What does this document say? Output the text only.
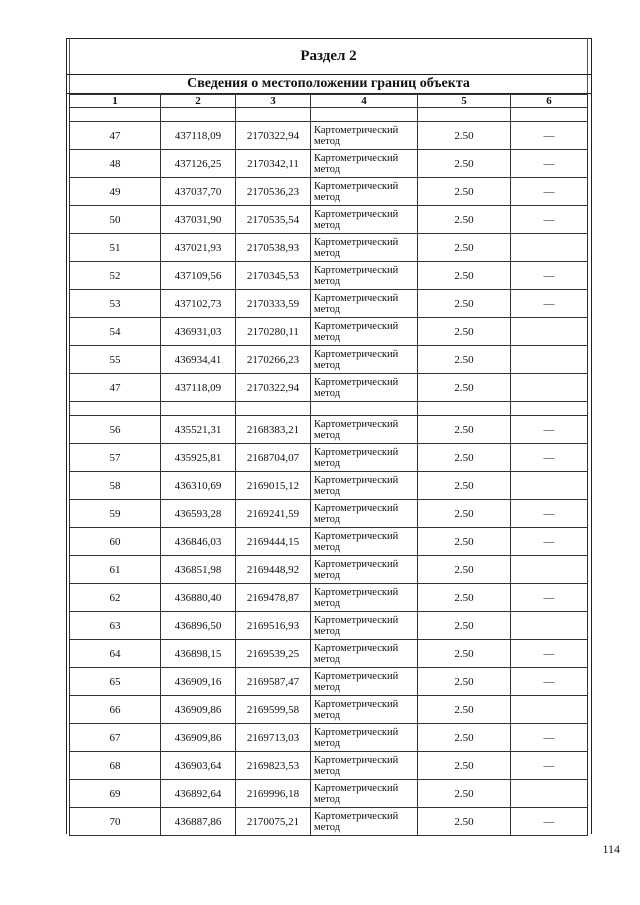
Раздел 2
Сведения о местоположении границ объекта
1	2	3	4	5	6

47	437118,09	2170322,94	Картометрический метод	2.50	—
48	437126,25	2170342,11	Картометрический метод	2.50	—
49	437037,70	2170536,23	Картометрический метод	2.50	—
50	437031,90	2170535,54	Картометрический метод	2.50	—
51	437021,93	2170538,93	Картометрический метод	2.50	
52	437109,56	2170345,53	Картометрический метод	2.50	—
53	437102,73	2170333,59	Картометрический метод	2.50	—
54	436931,03	2170280,11	Картометрический метод	2.50	
55	436934,41	2170266,23	Картометрический метод	2.50	
47	437118,09	2170322,94	Картометрический метод	2.50	

56	435521,31	2168383,21	Картометрический метод	2.50	—
57	435925,81	2168704,07	Картометрический метод	2.50	—
58	436310,69	2169015,12	Картометрический метод	2.50	
59	436593,28	2169241,59	Картометрический метод	2.50	—
60	436846,03	2169444,15	Картометрический метод	2.50	—
61	436851,98	2169448,92	Картометрический метод	2.50	
62	436880,40	2169478,87	Картометрический метод	2.50	—
63	436896,50	2169516,93	Картометрический метод	2.50	
64	436898,15	2169539,25	Картометрический метод	2.50	—
65	436909,16	2169587,47	Картометрический метод	2.50	—
66	436909,86	2169599,58	Картометрический метод	2.50	
67	436909,86	2169713,03	Картометрический метод	2.50	—
68	436903,64	2169823,53	Картометрический метод	2.50	—
69	436892,64	2169996,18	Картометрический метод	2.50	
70	436887,86	2170075,21	Картометрический метод	2.50	—
114
